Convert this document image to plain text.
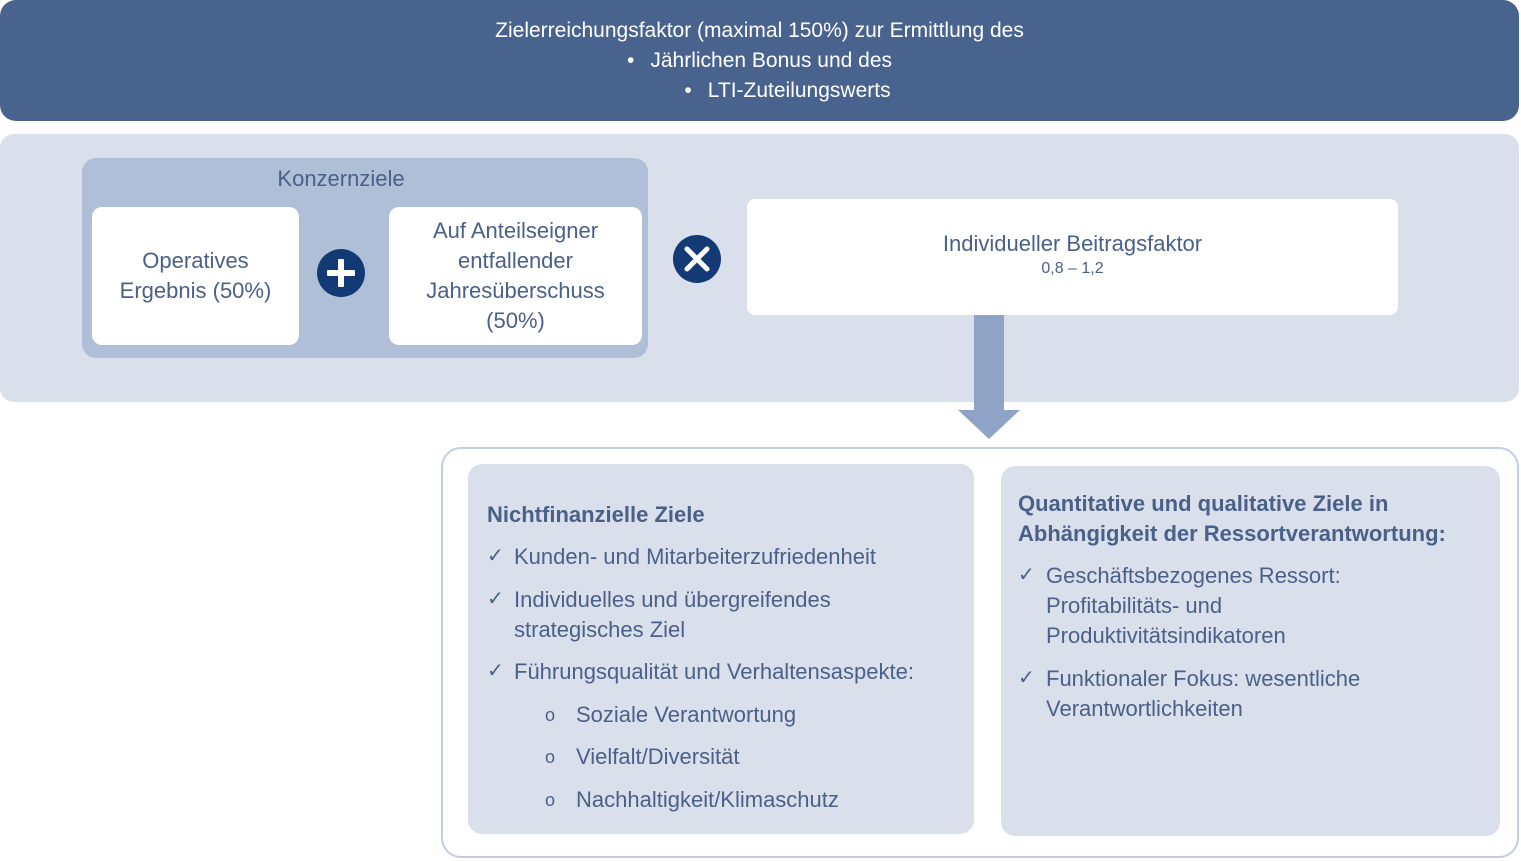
Zielerreichungsfaktor (maximal 150%) zur Ermittlung des
• Jährlichen Bonus und des
• LTI-Zuteilungswerts
Konzernziele
Operatives
Ergebnis (50%)
Auf Anteilseigner
entfallender
Jahresüberschuss
(50%)
Individueller Beitragsfaktor
0,8 – 1,2
Nichtfinanzielle Ziele
✓ Kunden- und Mitarbeiterzufriedenheit
✓ Individuelles und übergreifendes
strategisches Ziel
✓ Führungsqualität und Verhaltensaspekte:
o Soziale Verantwortung
o Vielfalt/Diversität
o Nachhaltigkeit/Klimaschutz
Quantitative und qualitative Ziele in
Abhängigkeit der Ressortverantwortung:
✓ Geschäftsbezogenes Ressort:
Profitabilitäts- und
Produktivitätsindikatoren
✓ Funktionaler Fokus: wesentliche
Verantwortlichkeiten
